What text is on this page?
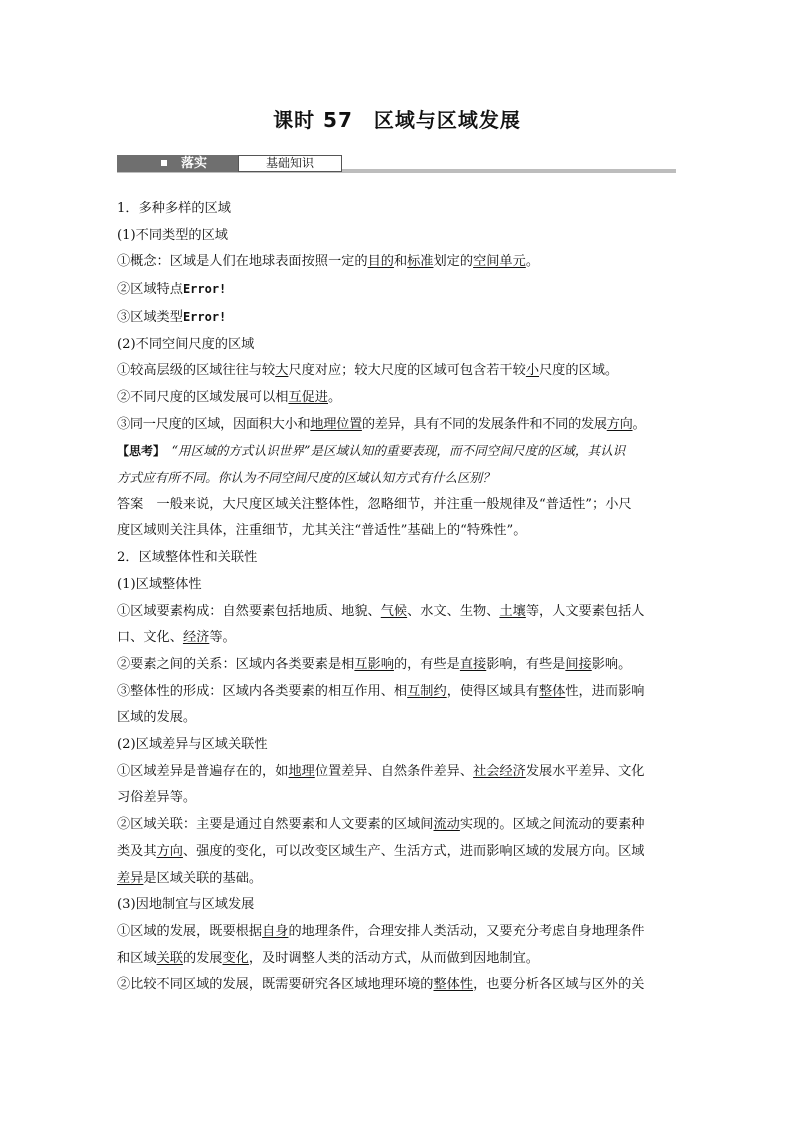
课时 57　区域与区域发展
落实	基础知识

1．多种多样的区域

(1)不同类型的区域

①概念：区域是人们在地球表面按照一定的目的和标准划定的空间单元。

②区域特点Error!

③区域类型Error!

(2)不同空间尺度的区域

①较高层级的区域往往与较大尺度对应；较大尺度的区域可包含若干较小尺度的区域。

②不同尺度的区域发展可以相互促进。

③同一尺度的区域，因面积大小和地理位置的差异，具有不同的发展条件和不同的发展方向。

【思考】　“用区域的方式认识世界”是区域认知的重要表现，而不同空间尺度的区域，其认识
方式应有所不同。你认为不同空间尺度的区域认知方式有什么区别？

答案　一般来说，大尺度区域关注整体性，忽略细节，并注重一般规律及“普适性”；小尺
度区域则关注具体，注重细节，尤其关注“普适性”基础上的“特殊性”。

2．区域整体性和关联性

(1)区域整体性

①区域要素构成：自然要素包括地质、地貌、气候、水文、生物、土壤等，人文要素包括人
口、文化、经济等。

②要素之间的关系：区域内各类要素是相互影响的，有些是直接影响，有些是间接影响。

③整体性的形成：区域内各类要素的相互作用、相互制约，使得区域具有整体性，进而影响
区域的发展。

(2)区域差异与区域关联性

①区域差异是普遍存在的，如地理位置差异、自然条件差异、社会经济发展水平差异、文化
习俗差异等。

②区域关联：主要是通过自然要素和人文要素的区域间流动实现的。区域之间流动的要素种
类及其方向、强度的变化，可以改变区域生产、生活方式，进而影响区域的发展方向。区域
差异是区域关联的基础。

(3)因地制宜与区域发展

①区域的发展，既要根据自身的地理条件，合理安排人类活动，又要充分考虑自身地理条件
和区域关联的发展变化，及时调整人类的活动方式，从而做到因地制宜。

②比较不同区域的发展，既需要研究各区域地理环境的整体性，也要分析各区域与区外的关
